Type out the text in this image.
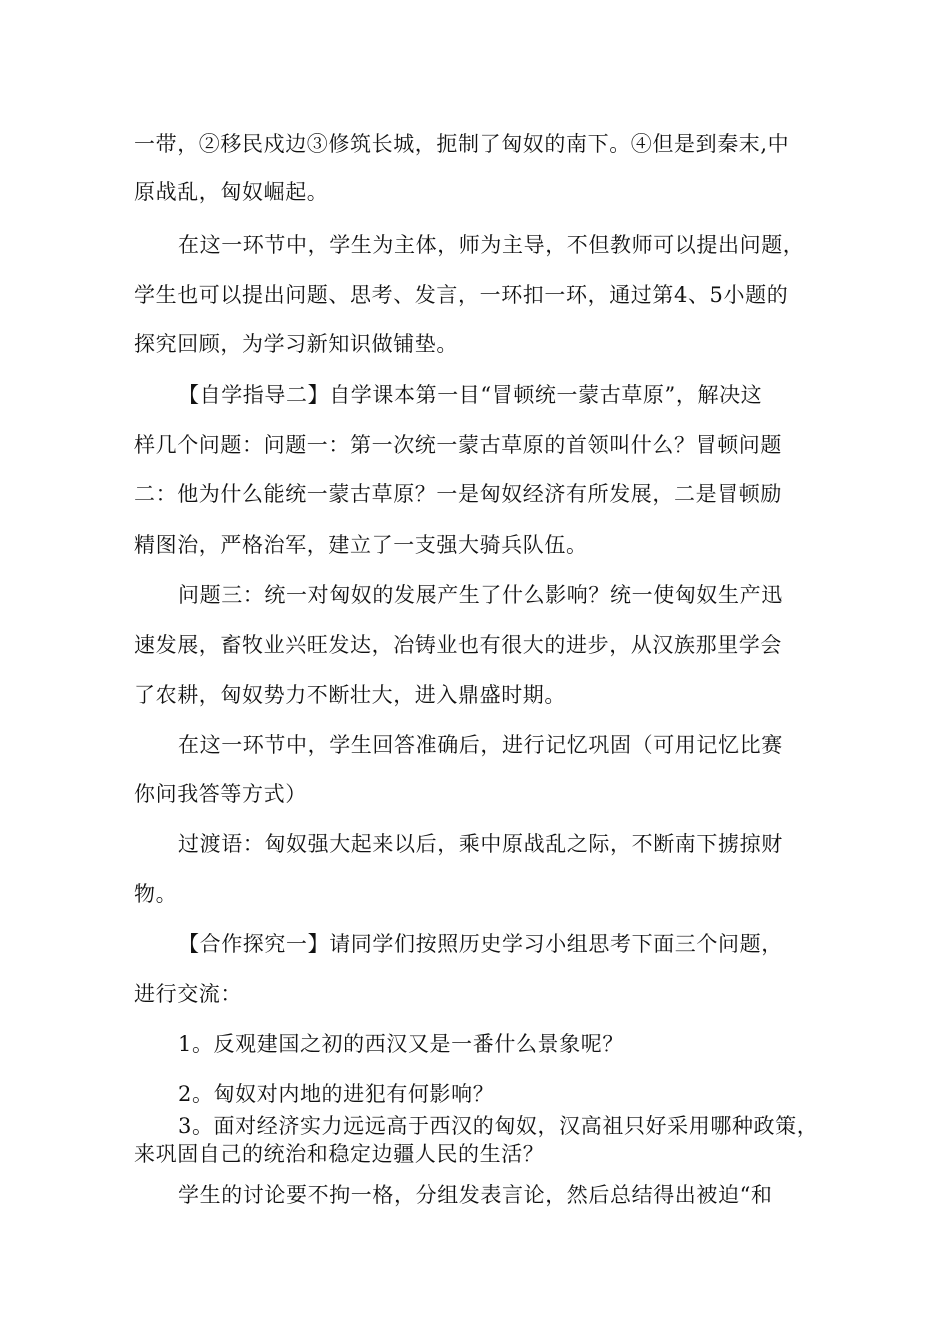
一带，②移民戍边③修筑长城，扼制了匈奴的南下。④但是到秦末,中
原战乱，匈奴崛起。
在这一环节中，学生为主体，师为主导，不但教师可以提出问题，
学生也可以提出问题、思考、发言，一环扣一环，通过第4、5小题的
探究回顾，为学习新知识做铺垫。
【自学指导二】自学课本第一目“冒顿统一蒙古草原”，解决这
样几个问题：问题一：第一次统一蒙古草原的首领叫什么？冒顿问题
二：他为什么能统一蒙古草原？一是匈奴经济有所发展，二是冒顿励
精图治，严格治军，建立了一支强大骑兵队伍。
问题三：统一对匈奴的发展产生了什么影响？统一使匈奴生产迅
速发展，畜牧业兴旺发达，冶铸业也有很大的进步，从汉族那里学会
了农耕，匈奴势力不断壮大，进入鼎盛时期。
在这一环节中，学生回答准确后，进行记忆巩固（可用记忆比赛
你问我答等方式）
过渡语：匈奴强大起来以后，乘中原战乱之际，不断南下掳掠财
物。
【合作探究一】请同学们按照历史学习小组思考下面三个问题，
进行交流：
1。反观建国之初的西汉又是一番什么景象呢？
2。匈奴对内地的进犯有何影响？
3。面对经济实力远远高于西汉的匈奴，汉高祖只好采用哪种政策，
来巩固自己的统治和稳定边疆人民的生活？
学生的讨论要不拘一格，分组发表言论，然后总结得出被迫“和
